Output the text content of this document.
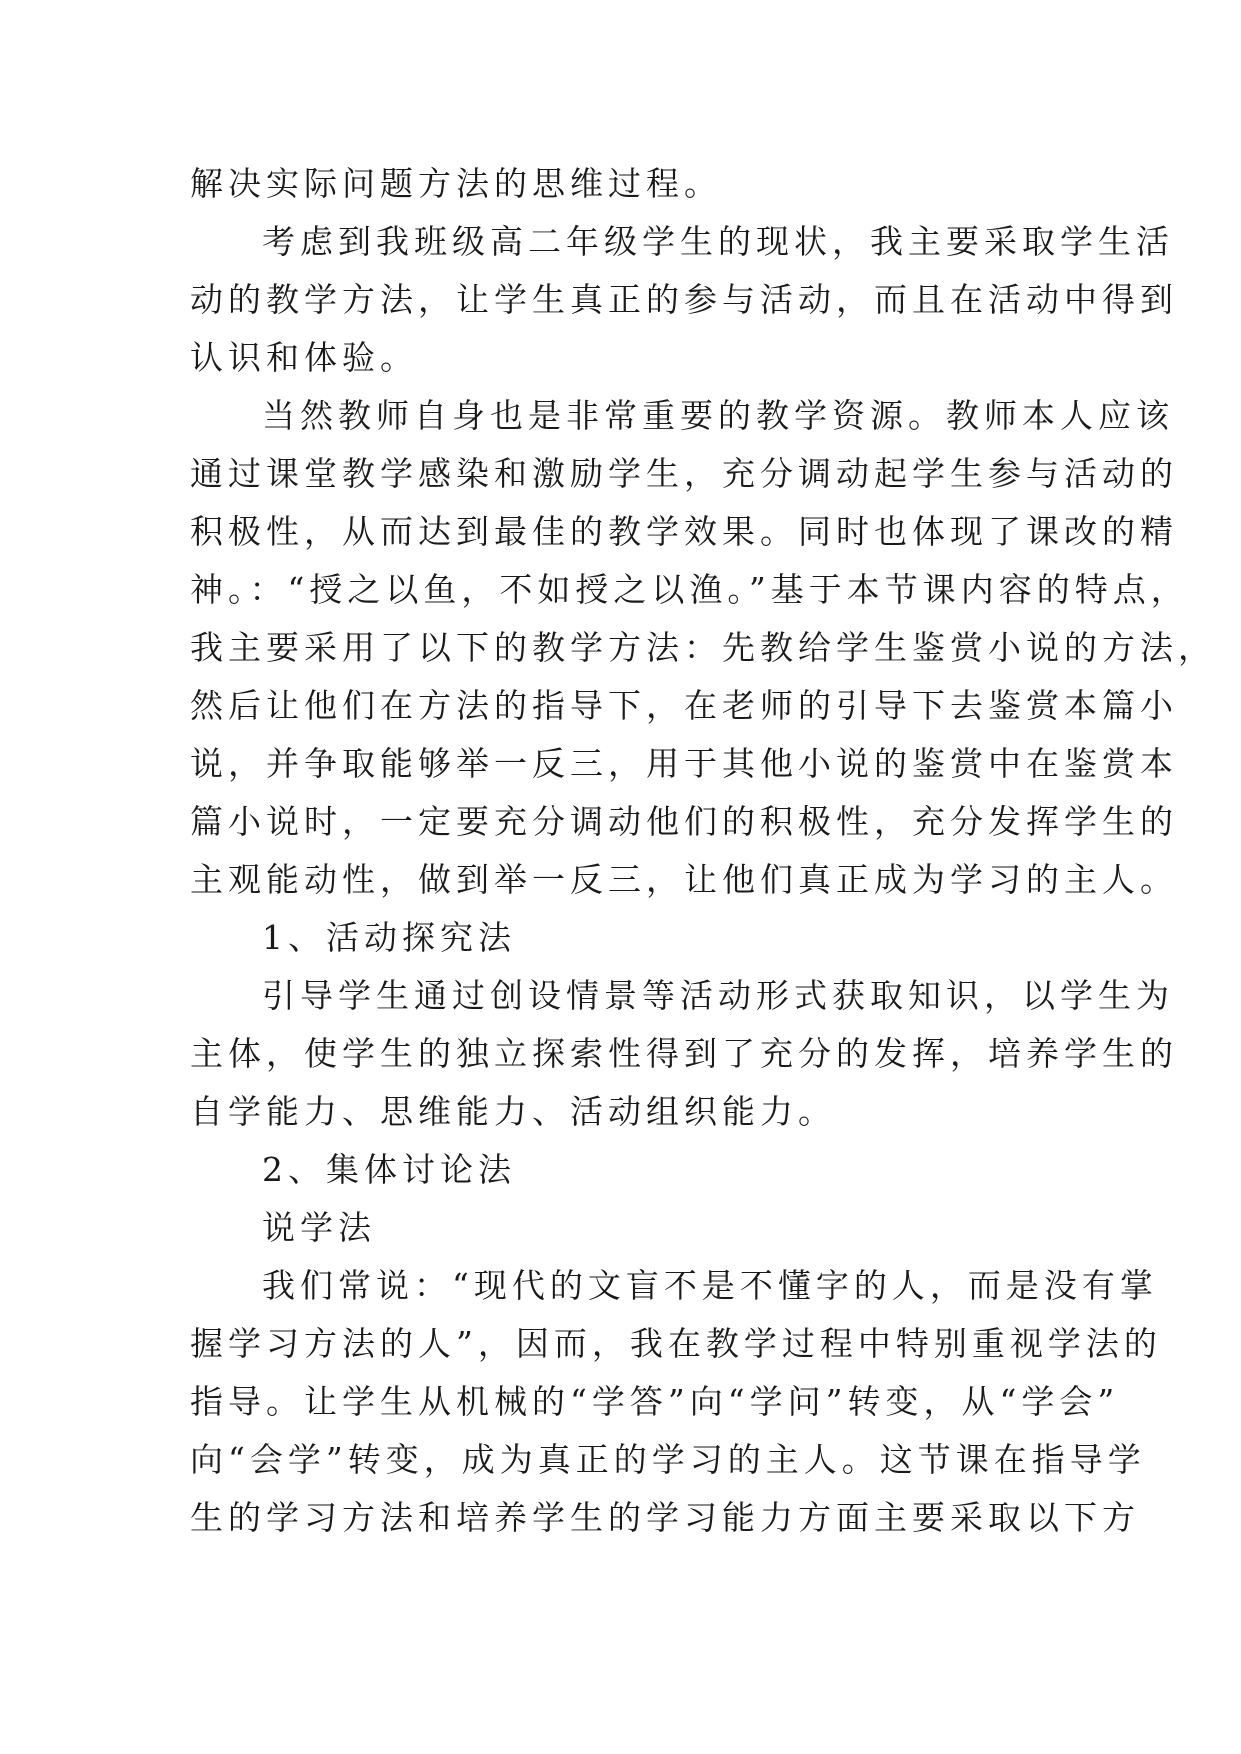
解决实际问题方法的思维过程。
考虑到我班级高二年级学生的现状，我主要采取学生活
动的教学方法，让学生真正的参与活动，而且在活动中得到
认识和体验。
当然教师自身也是非常重要的教学资源。教师本人应该
通过课堂教学感染和激励学生，充分调动起学生参与活动的
积极性，从而达到最佳的教学效果。同时也体现了课改的精
神。：“授之以鱼，不如授之以渔。”基于本节课内容的特点，
我主要采用了以下的教学方法：先教给学生鉴赏小说的方法，
然后让他们在方法的指导下，在老师的引导下去鉴赏本篇小
说，并争取能够举一反三，用于其他小说的鉴赏中在鉴赏本
篇小说时，一定要充分调动他们的积极性，充分发挥学生的
主观能动性，做到举一反三，让他们真正成为学习的主人。
1、活动探究法
引导学生通过创设情景等活动形式获取知识，以学生为
主体，使学生的独立探索性得到了充分的发挥，培养学生的
自学能力、思维能力、活动组织能力。
2、集体讨论法
说学法
我们常说：“现代的文盲不是不懂字的人，而是没有掌
握学习方法的人”，因而，我在教学过程中特别重视学法的
指导。让学生从机械的“学答”向“学问”转变，从“学会”
向“会学”转变，成为真正的学习的主人。这节课在指导学
生的学习方法和培养学生的学习能力方面主要采取以下方
